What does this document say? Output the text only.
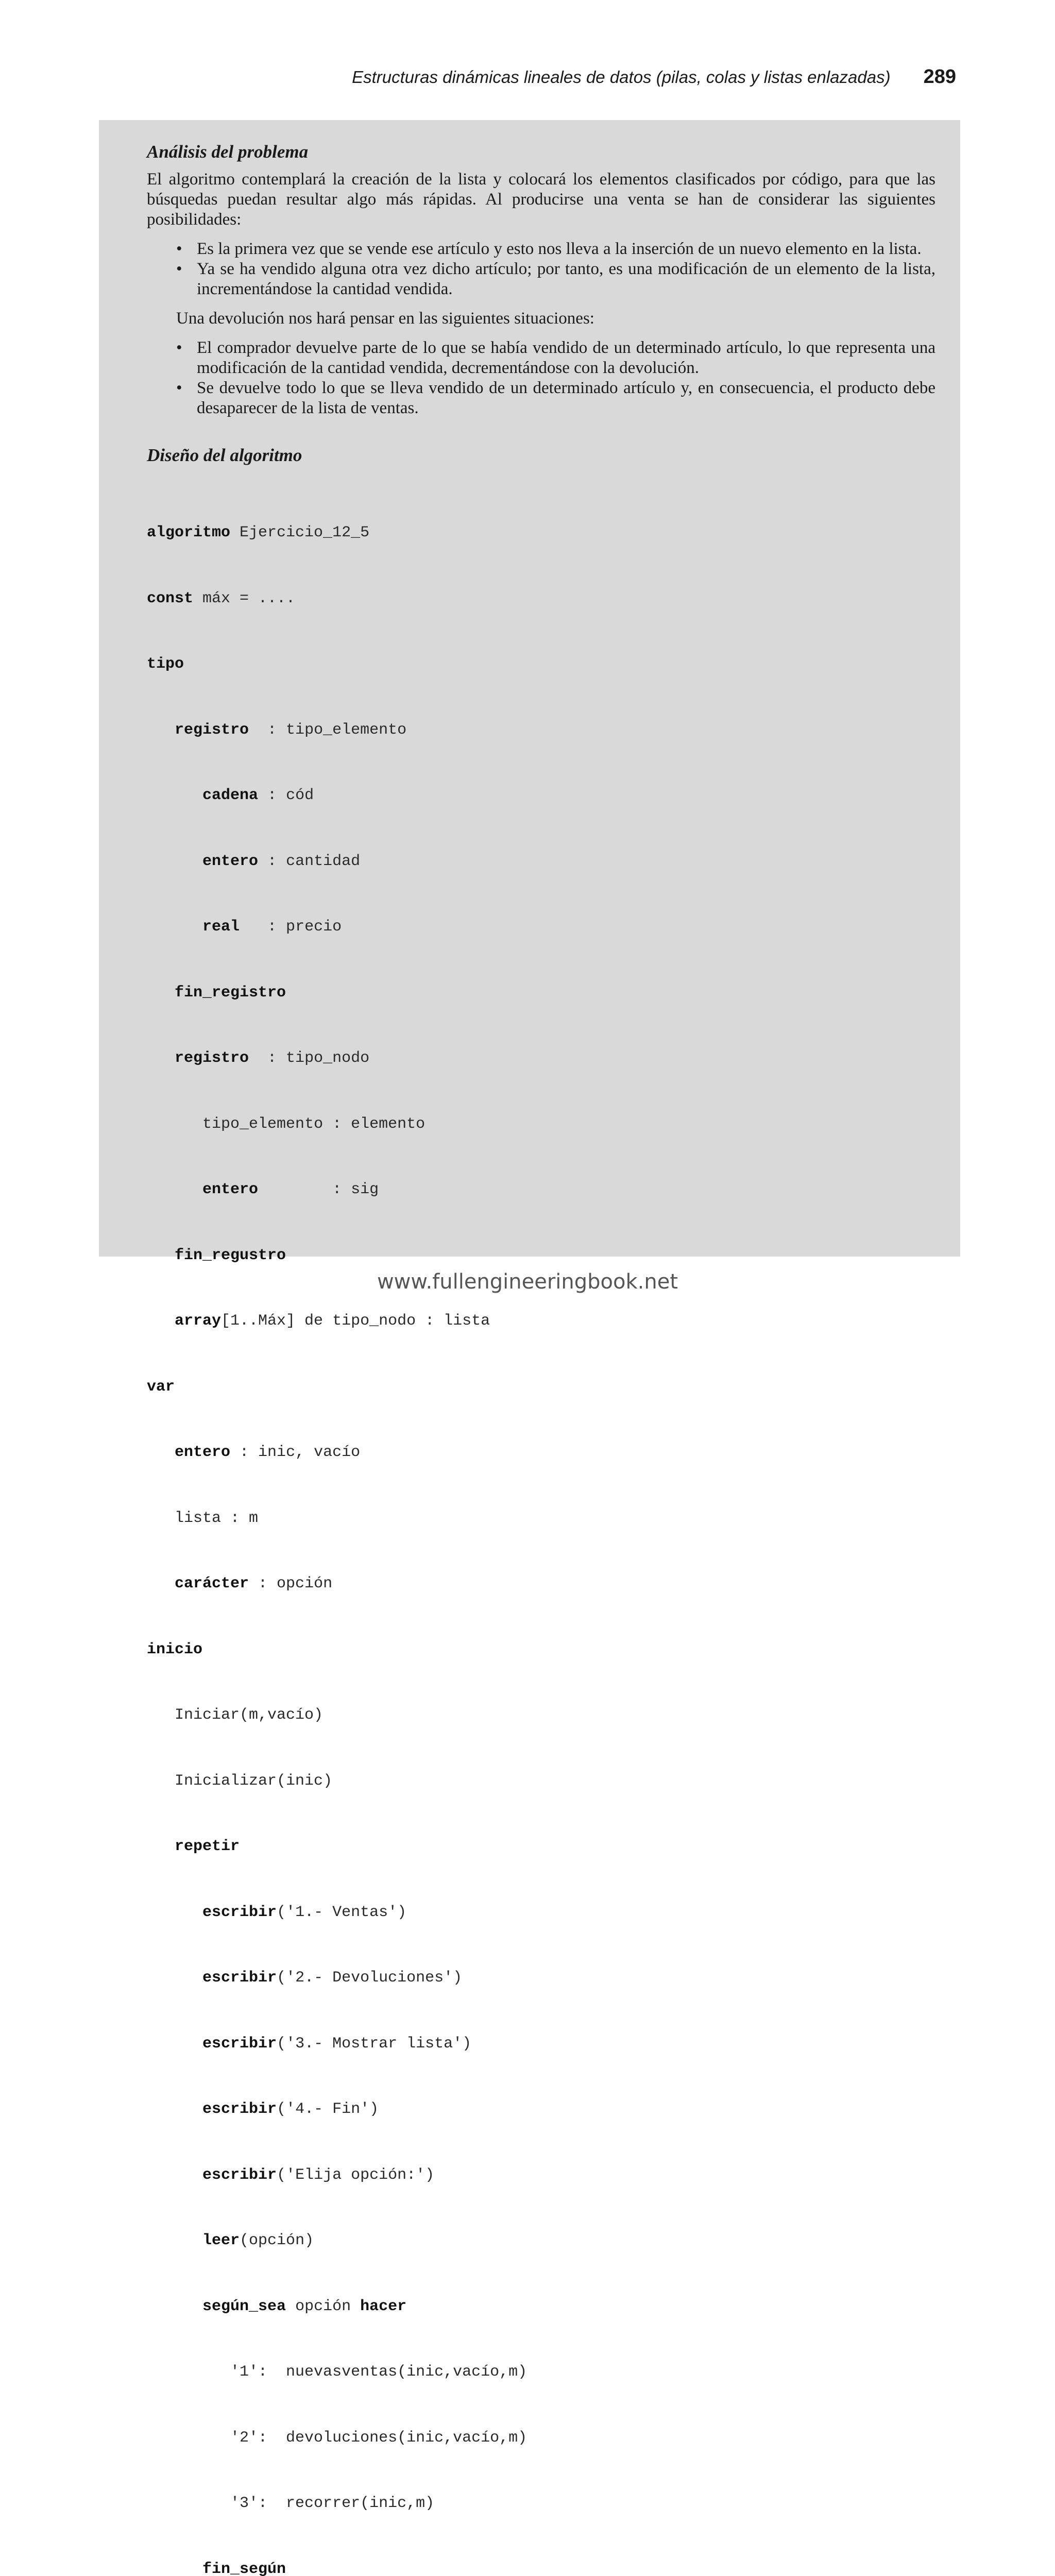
Estructuras dinámicas lineales de datos (pilas, colas y listas enlazadas) 289
Análisis del problema

El algoritmo contemplará la creación de la lista y colocará los elementos clasificados por código, para que las búsquedas puedan resultar algo más rápidas. Al producirse una venta se han de considerar las siguientes posibilidades:

• Es la primera vez que se vende ese artículo y esto nos lleva a la inserción de un nuevo elemento en la lista.
• Ya se ha vendido alguna otra vez dicho artículo; por tanto, es una modificación de un elemento de la lista, incrementándose la cantidad vendida.

Una devolución nos hará pensar en las siguientes situaciones:

• El comprador devuelve parte de lo que se había vendido de un determinado artículo, lo que representa una modificación de la cantidad vendida, decrementándose con la devolución.
• Se devuelve todo lo que se lleva vendido de un determinado artículo y, en consecuencia, el producto debe desaparecer de la lista de ventas.
Diseño del algoritmo

algoritmo Ejercicio_12_5

const máx = ....

tipo

registro  : tipo_elemento

cadena : cód

entero : cantidad

real   : precio

fin_registro

registro  : tipo_nodo

tipo_elemento : elemento

entero        : sig

fin_regustro

array[1..Máx] de tipo_nodo : lista

var

entero : inic, vacío

lista : m

carácter : opción

inicio

Iniciar(m,vacío)

Inicializar(inic)

repetir

escribir('1.- Ventas')

escribir('2.- Devoluciones')

escribir('3.- Mostrar lista')

escribir('4.- Fin')

escribir('Elija opción:')

leer(opción)

según_sea opción hacer

'1':  nuevasventas(inic,vacío,m)

'2':  devoluciones(inic,vacío,m)

'3':  recorrer(inic,m)

fin_según

www.fullengineeringbook.net
